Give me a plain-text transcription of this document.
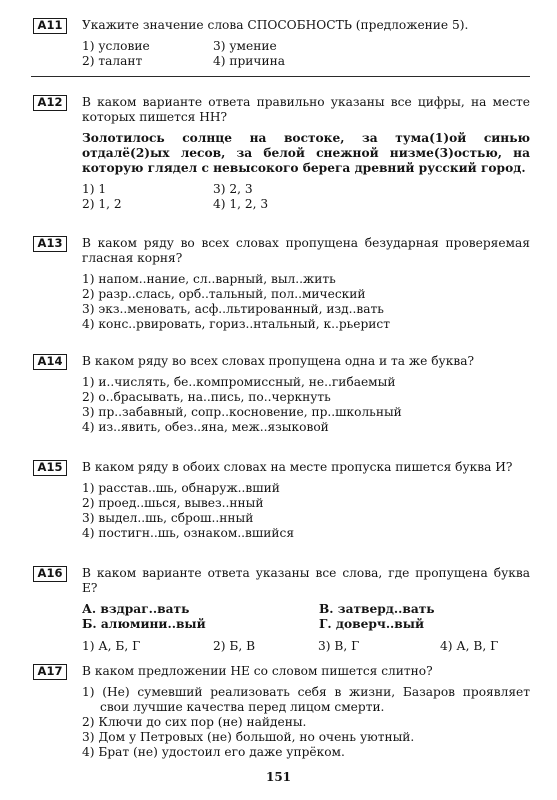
A11	Укажите значение слова СПОСОБНОСТЬ (предложение 5).

1) условие	3) умение
2) талант	4) причина
A12	В каком варианте ответа правильно указаны все цифры, на месте которых пишется НН?

Золотилось солнце на востоке, за тума(1)ой синью отдалё(2)ых лесов, за белой снежной низме(3)остью, на которую глядел с невысокого берега древний русский город.

1) 1	3) 2, 3
2) 1, 2	4) 1, 2, 3
A13	В каком ряду во всех словах пропущена безударная проверяемая гласная корня?

1) напом..нание, сл..варный, выл..жить
2) разр..слась, орб..тальный, пол..мический
3) экз..меновать, асф..льтированный, изд..вать
4) конс..рвировать, гориз..нтальный, к..рьерист
A14	В каком ряду во всех словах пропущена одна и та же буква?

1) и..числять, бе..компромиссный, не..гибаемый
2) о..брасывать, на..пись, по..черкнуть
3) пр..забавный, сопр..косновение, пр..школьный
4) из..явить, обез..яна, меж..языковой
A15	В каком ряду в обоих словах на месте пропуска пишется буква И?

1) расстав..шь, обнаруж..вший
2) проед..шься, вывез..нный
3) выдел..шь, сброш..нный
4) постигн..шь, ознаком..вшийся
A16	В каком варианте ответа указаны все слова, где пропущена буква Е?

А. вздраг..вать	В. затверд..вать
Б. алюмини..вый	Г. доверч..вый
1) А, Б, Г	2) Б, В	3) В, Г	4) А, В, Г
A17	В каком предложении НЕ со словом пишется слитно?

1) (Не) сумевший реализовать себя в жизни, Базаров проявляет свои лучшие качества перед лицом смерти.
2) Ключи до сих пор (не) найдены.
3) Дом у Петровых (не) большой, но очень уютный.
4) Брат (не) удостоил его даже упрёком.
151
